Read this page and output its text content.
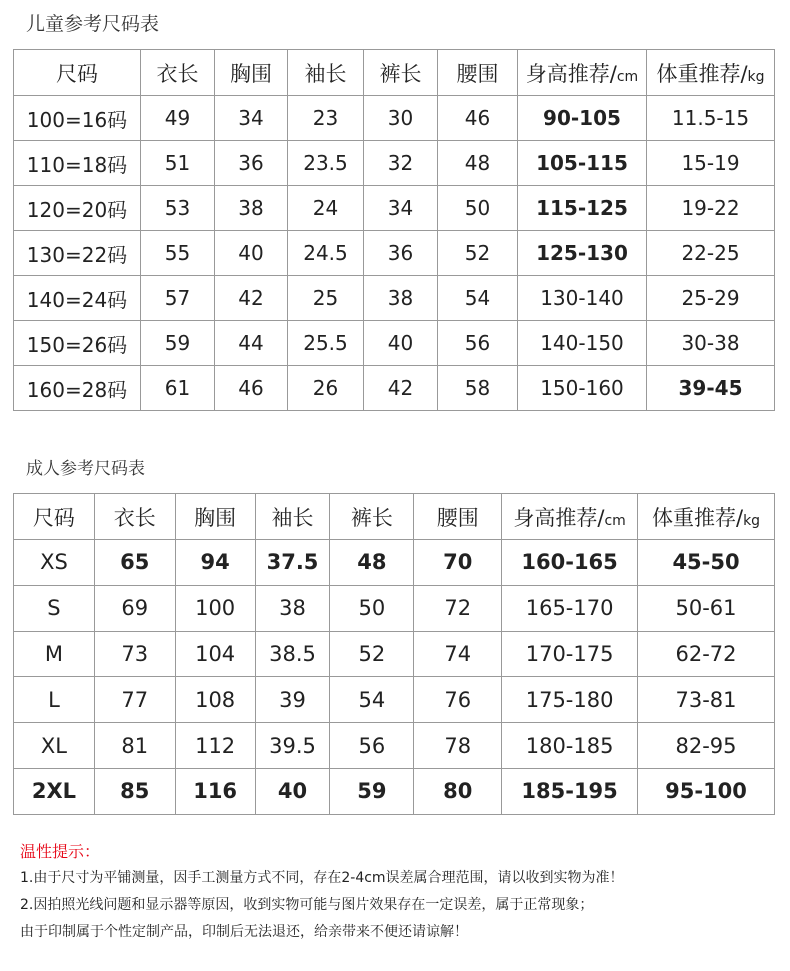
儿童参考尺码表
尺码	衣长	胸围	袖长	裤长	腰围	身高推荐/cm	体重推荐/kg
100=16码	49	34	23	30	46	90-105	11.5-15
110=18码	51	36	23.5	32	48	105-115	15-19
120=20码	53	38	24	34	50	115-125	19-22
130=22码	55	40	24.5	36	52	125-130	22-25
140=24码	57	42	25	38	54	130-140	25-29
150=26码	59	44	25.5	40	56	140-150	30-38
160=28码	61	46	26	42	58	150-160	39-45
成人参考尺码表
尺码	衣长	胸围	袖长	裤长	腰围	身高推荐/cm	体重推荐/kg
XS	65	94	37.5	48	70	160-165	45-50
S	69	100	38	50	72	165-170	50-61
M	73	104	38.5	52	74	170-175	62-72
L	77	108	39	54	76	175-180	73-81
XL	81	112	39.5	56	78	180-185	82-95
2XL	85	116	40	59	80	185-195	95-100
温性提示：
1.由于尺寸为平铺测量，因手工测量方式不同，存在2-4cm误差属合理范围，请以收到实物为准！
2.因拍照光线问题和显示器等原因，收到实物可能与图片效果存在一定误差，属于正常现象；
由于印制属于个性定制产品，印制后无法退还，给亲带来不便还请谅解！
